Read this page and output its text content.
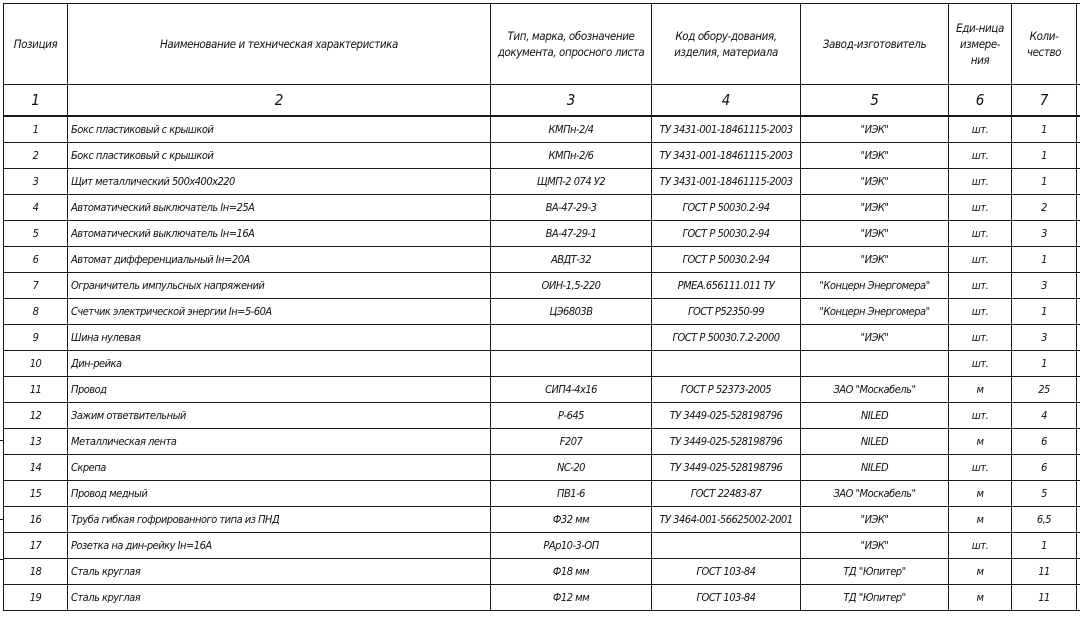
Позиция	Наименование и техническая характеристика	Тип, марка, обозначение документа, опросного листа	Код обору-дования, изделия, материала	Завод-изготовитель	Еди-ница измере-ния	Коли-чество	
1	2	3	4	5	6	7	
1	Бокс пластиковый с крышкой	КМПн-2/4	ТУ 3431-001-18461115-2003	"ИЭК"	шт.	1	
2	Бокс пластиковый с крышкой	КМПн-2/6	ТУ 3431-001-18461115-2003	"ИЭК"	шт.	1	
3	Щит металлический 500х400х220	ЩМП-2 074 У2	ТУ 3431-001-18461115-2003	"ИЭК"	шт.	1	
4	Автоматический выключатель Iн=25А	ВА-47-29-3	ГОСТ Р 50030.2-94	"ИЭК"	шт.	2	
5	Автоматический выключатель Iн=16А	ВА-47-29-1	ГОСТ Р 50030.2-94	"ИЭК"	шт.	3	
6	Автомат дифференциальный Iн=20А	АВДТ-32	ГОСТ Р 50030.2-94	"ИЭК"	шт.	1	
7	Ограничитель импульсных напряжений	ОИН-1,5-220	РМЕА.656111.011 ТУ	"Концерн Энергомера"	шт.	3	
8	Счетчик электрической энергии Iн=5-60А	ЦЭ6803В	ГОСТ Р52350-99	"Концерн Энергомера"	шт.	1	
9	Шина нулевая		ГОСТ Р 50030.7.2-2000	"ИЭК"	шт.	3	
10	Дин-рейка				шт.	1	
11	Провод	СИП4-4х16	ГОСТ Р 52373-2005	ЗАО "Москабель"	м	25	
12	Зажим ответвительный	Р-645	ТУ 3449-025-528198796	NILED	шт.	4	
13	Металлическая лента	F207	ТУ 3449-025-528198796	NILED	м	6	
14	Скрепа	NC-20	ТУ 3449-025-528198796	NILED	шт.	6	
15	Провод медный	ПВ1-6	ГОСТ 22483-87	ЗАО "Москабель"	м	5	
16	Труба гибкая гофрированного типа из ПНД	Ф32 мм	ТУ 3464-001-56625002-2001	"ИЭК"	м	6,5	
17	Розетка на дин-рейку Iн=16А	РАр10-3-ОП		"ИЭК"	шт.	1	
18	Сталь круглая	Ф18 мм	ГОСТ 103-84	ТД "Юпитер"	м	11	
19	Сталь круглая	Ф12 мм	ГОСТ 103-84	ТД "Юпитер"	м	11	
